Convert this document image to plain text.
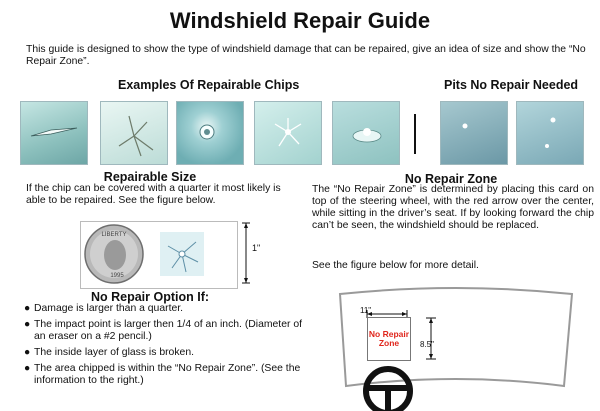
Windshield Repair Guide
This guide is designed to show the type of windshield damage that can be repaired, give an idea of size and show the “No Repair Zone”.
Examples Of Repairable Chips	Pits No Repair Needed
Repairable Size
If the chip can be covered with a quarter it most likely is able to be repaired. See the figure below.
LIBERTY
1995
1"
No Repair Option If:
● Damage is larger than a quarter.
● The impact point is larger then 1/4 of an inch. (Diameter of an eraser on a #2 pencil.)
● The inside layer of glass is broken.
● The area chipped is within the “No Repair Zone”. (See the information to the right.)
No Repair Zone
The “No Repair Zone” is determined by placing this card on top of the steering wheel, with the red arrow over the center, while sitting in the driver’s seat. If by looking forward the chip can’t be seen, the windshield should be replaced.
See the figure below for more detail.
11"
No Repair Zone	8.5"
